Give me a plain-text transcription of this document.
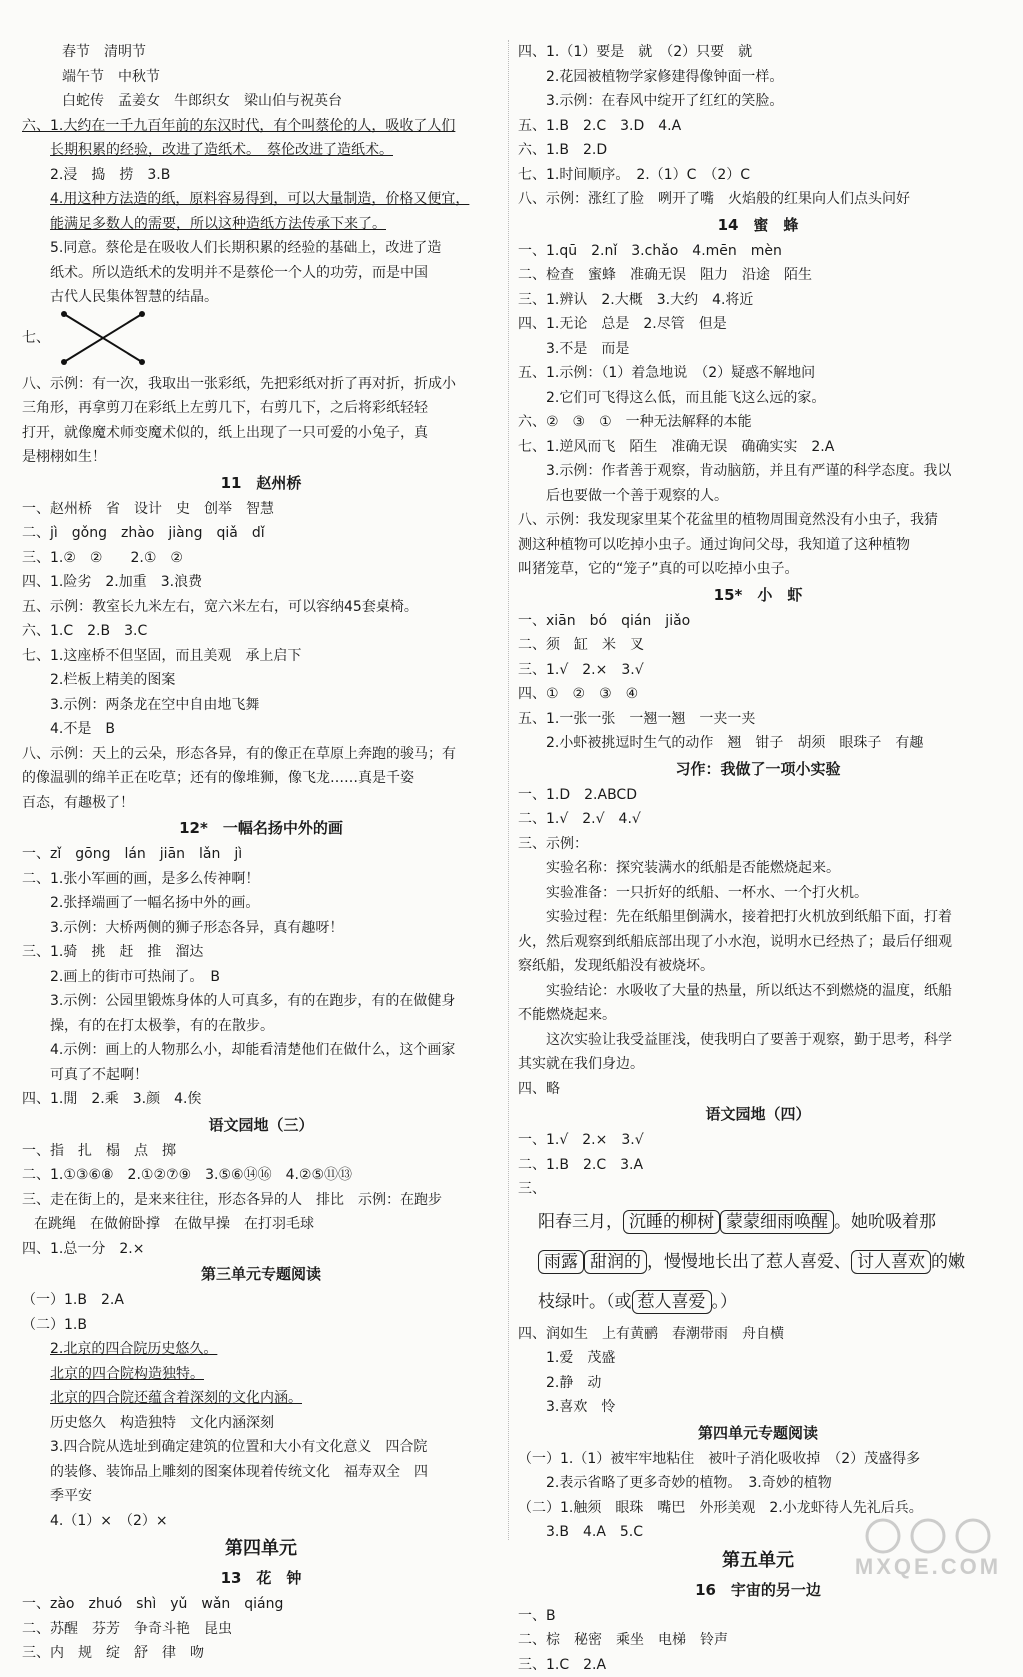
春节　清明节
端午节　中秋节
白蛇传　孟姜女　牛郎织女　梁山伯与祝英台
六、1.大约在一千九百年前的东汉时代，有个叫蔡伦的人，吸收了人们
长期积累的经验，改进了造纸术。　蔡伦改进了造纸术。
2.浸　捣　捞　3.B
4.用这种方法造的纸，原料容易得到，可以大量制造，价格又便宜，
能满足多数人的需要，所以这种造纸方法传承下来了。
5.同意。蔡伦是在吸收人们长期积累的经验的基础上，改进了造
纸术。所以造纸术的发明并不是蔡伦一个人的功劳，而是中国
古代人民集体智慧的结晶。
七、
八、示例：有一次，我取出一张彩纸，先把彩纸对折了再对折，折成小
三角形，再拿剪刀在彩纸上左剪几下，右剪几下，之后将彩纸轻轻
打开，就像魔术师变魔术似的，纸上出现了一只可爱的小兔子，真
是栩栩如生！
11　赵州桥
一、赵州桥　省　设计　史　创举　智慧
二、jì　gǒng　zhào　jiàng　qiǎ　dǐ
三、1.②　②　　2.①　②
四、1.险劣　2.加重　3.浪费
五、示例：教室长九米左右，宽六米左右，可以容纳45套桌椅。
六、1.C　2.B　3.C
七、1.这座桥不但坚固，而且美观　承上启下
2.栏板上精美的图案
3.示例：两条龙在空中自由地飞舞
4.不是　B
八、示例：天上的云朵，形态各异，有的像正在草原上奔跑的骏马；有
的像温驯的绵羊正在吃草；还有的像堆狮，像飞龙……真是千姿
百态，有趣极了！
12*　一幅名扬中外的画
一、zǐ　gōng　lán　jiān　lǎn　jì
二、1.张小军画的画，是多么传神啊！
2.张择端画了一幅名扬中外的画。
3.示例：大桥两侧的狮子形态各异，真有趣呀！
三、1.骑　挑　赶　推　溜达
2.画上的街市可热闹了。　B
3.示例：公园里锻炼身体的人可真多，有的在跑步，有的在做健身
操，有的在打太极拳，有的在散步。
4.示例：画上的人物那么小，却能看清楚他们在做什么，这个画家
可真了不起啊！
四、1.閒　2.乘　3.颜　4.俟
语文园地（三）
一、指　扎　榻　点　掷
二、1.①③⑥⑧　2.①②⑦⑨　3.⑤⑥⑭⑯　4.②⑤⑪⑬
三、走在街上的，是来来往往，形态各异的人　排比　示例：在跑步
在跳绳　在做俯卧撑　在做早操　在打羽毛球
四、1.总一分　2.×
第三单元专题阅读
（一）1.B　2.A
（二）1.B
2.北京的四合院历史悠久。
北京的四合院构造独特。
北京的四合院还蕴含着深刻的文化内涵。
历史悠久　构造独特　文化内涵深刻
3.四合院从选址到确定建筑的位置和大小有文化意义　四合院
的装修、装饰品上雕刻的图案体现着传统文化　福寿双全　四
季平安
4.（1）×　（2）×
第四单元
13　花　钟
一、zào　zhuó　shì　yǔ　wǎn　qiáng
二、苏醒　芬芳　争奇斗艳　昆虫
三、内　规　绽　舒　律　吻
四、1.（1）要是　就　（2）只要　就
2.花园被植物学家修建得像钟面一样。
3.示例：在春风中绽开了红红的笑脸。
五、1.B　2.C　3.D　4.A
六、1.B　2.D
七、1.时间顺序。　2.（1）C　（2）C
八、示例：涨红了脸　咧开了嘴　火焰般的红果向人们点头问好
14　蜜　蜂
一、1.qū　2.nǐ　3.chǎo　4.mēn　mèn
二、检查　蜜蜂　准确无误　阻力　沿途　陌生
三、1.辨认　2.大概　3.大约　4.将近
四、1.无论　总是　2.尽管　但是
3.不是　而是
五、1.示例：（1）着急地说　（2）疑惑不解地问
2.它们可飞得这么低，而且能飞这么远的家。
六、②　③　①　一种无法解释的本能
七、1.逆风而飞　陌生　准确无误　确确实实　2.A
3.示例：作者善于观察，肯动脑筋，并且有严谨的科学态度。我以
后也要做一个善于观察的人。
八、示例：我发现家里某个花盆里的植物周围竟然没有小虫子，我猜
测这种植物可以吃掉小虫子。通过询问父母，我知道了这种植物
叫猪笼草，它的“笼子”真的可以吃掉小虫子。
15*　小　虾
一、xiān　bó　qián　jiǎo
二、须　缸　米　叉
三、1.√　2.×　3.√
四、①　②　③　④
五、1.一张一张　一翘一翘　一夹一夹
2.小虾被挑逗时生气的动作　翘　钳子　胡须　眼珠子　有趣
习作：我做了一项小实验
一、1.D　2.ABCD
二、1.√　2.√　4.√
三、示例：
实验名称：探究装满水的纸船是否能燃烧起来。
实验准备：一只折好的纸船、一杯水、一个打火机。
实验过程：先在纸船里倒满水，接着把打火机放到纸船下面，打着
火，然后观察到纸船底部出现了小水泡，说明水已经热了；最后仔细观
察纸船，发现纸船没有被烧坏。
实验结论：水吸收了大量的热量，所以纸达不到燃烧的温度，纸船
不能燃烧起来。
这次实验让我受益匪浅，使我明白了要善于观察，勤于思考，科学
其实就在我们身边。
四、略
语文园地（四）
一、1.√　2.×　3.√
二、1.B　2.C　3.A
三、
阳春三月， 沉睡的柳树 蒙蒙细雨唤醒 。她吮吸着那
雨露 甜润的 ，慢慢地长出了惹人喜爱、 讨人喜欢 的嫩
枝绿叶。（或 惹人喜爱 。）
四、润如生　上有黄鹂　春潮带雨　舟自横
1.爱　茂盛
2.静　动
3.喜欢　怜
第四单元专题阅读
（一）1.（1）被牢牢地粘住　被叶子消化吸收掉　（2）茂盛得多
2.表示省略了更多奇妙的植物。　3.奇妙的植物
（二）1.触须　眼珠　嘴巴　外形美观　2.小龙虾待人先礼后兵。
3.B　4.A　5.C
第五单元
16　宇宙的另一边
一、B
二、棕　秘密　乘坐　电梯　铃声
三、1.C　2.A
MXQE.COM
